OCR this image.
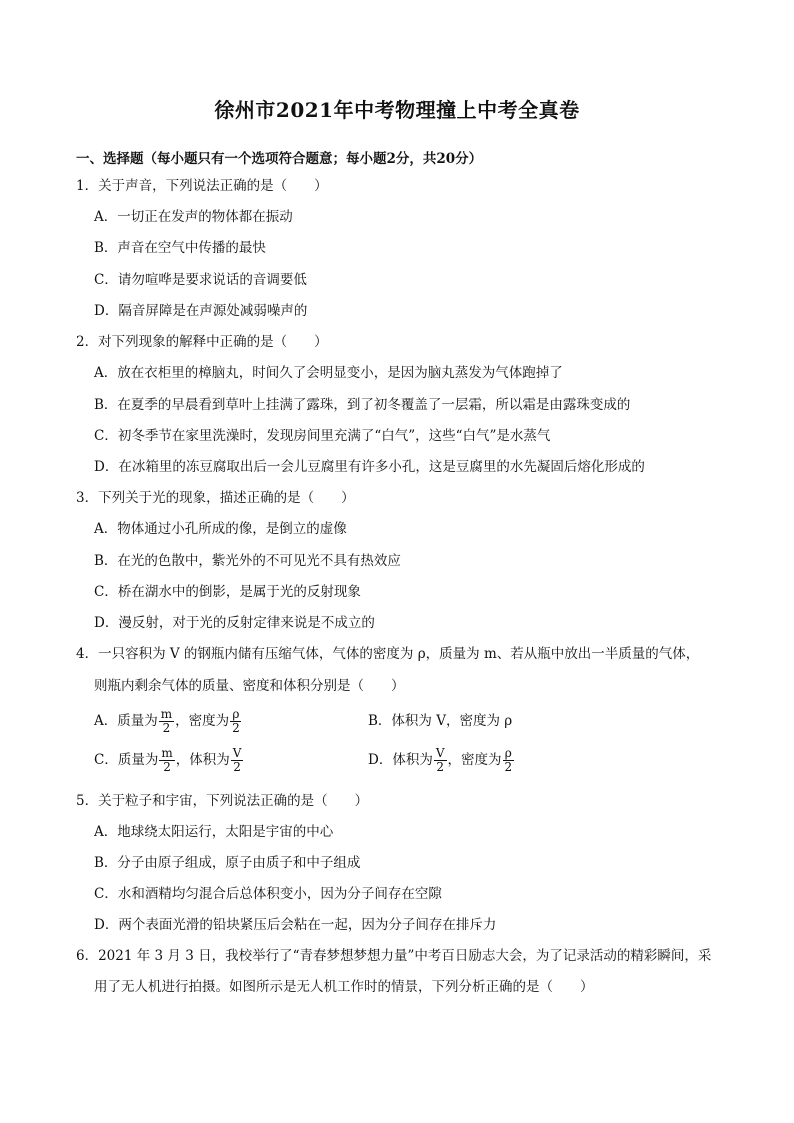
徐州市2021年中考物理撞上中考全真卷
一、选择题（每小题只有一个选项符合题意；每小题2分，共20分）
1．关于声音，下列说法正确的是（　　）
A．一切正在发声的物体都在振动
B．声音在空气中传播的最快
C．请勿喧哗是要求说话的音调要低
D．隔音屏障是在声源处减弱噪声的
2．对下列现象的解释中正确的是（　　）
A．放在衣柜里的樟脑丸，时间久了会明显变小，是因为脑丸蒸发为气体跑掉了
B．在夏季的早晨看到草叶上挂满了露珠，到了初冬覆盖了一层霜，所以霜是由露珠变成的
C．初冬季节在家里洗澡时，发现房间里充满了“白气”，这些“白气”是水蒸气
D．在冰箱里的冻豆腐取出后一会儿豆腐里有许多小孔，这是豆腐里的水先凝固后熔化形成的
3．下列关于光的现象，描述正确的是（　　）
A．物体通过小孔所成的像，是倒立的虚像
B．在光的色散中，紫光外的不可见光不具有热效应
C．桥在湖水中的倒影，是属于光的反射现象
D．漫反射，对于光的反射定律来说是不成立的
4．一只容积为 V 的钢瓶内储有压缩气体，气体的密度为 ρ，质量为 m、若从瓶中放出一半质量的气体，
则瓶内剩余气体的质量、密度和体积分别是（　　）
A．质量为 $\frac{m}{2}$ ，密度为 $\frac{\rho}{2}$	B．体积为 V，密度为 ρ
C．质量为 $\frac{m}{2}$ ，体积为 $\frac{V}{2}$	D．体积为 $\frac{V}{2}$ ，密度为 $\frac{\rho}{2}$
5．关于粒子和宇宙，下列说法正确的是（　　）
A．地球绕太阳运行，太阳是宇宙的中心
B．分子由原子组成，原子由质子和中子组成
C．水和酒精均匀混合后总体积变小，因为分子间存在空隙
D．两个表面光滑的铅块紧压后会粘在一起，因为分子间存在排斥力
6．2021 年 3 月 3 日，我校举行了“青春梦想梦想力量”中考百日励志大会，为了记录活动的精彩瞬间，采
用了无人机进行拍摄。如图所示是无人机工作时的情景，下列分析正确的是（　　）
